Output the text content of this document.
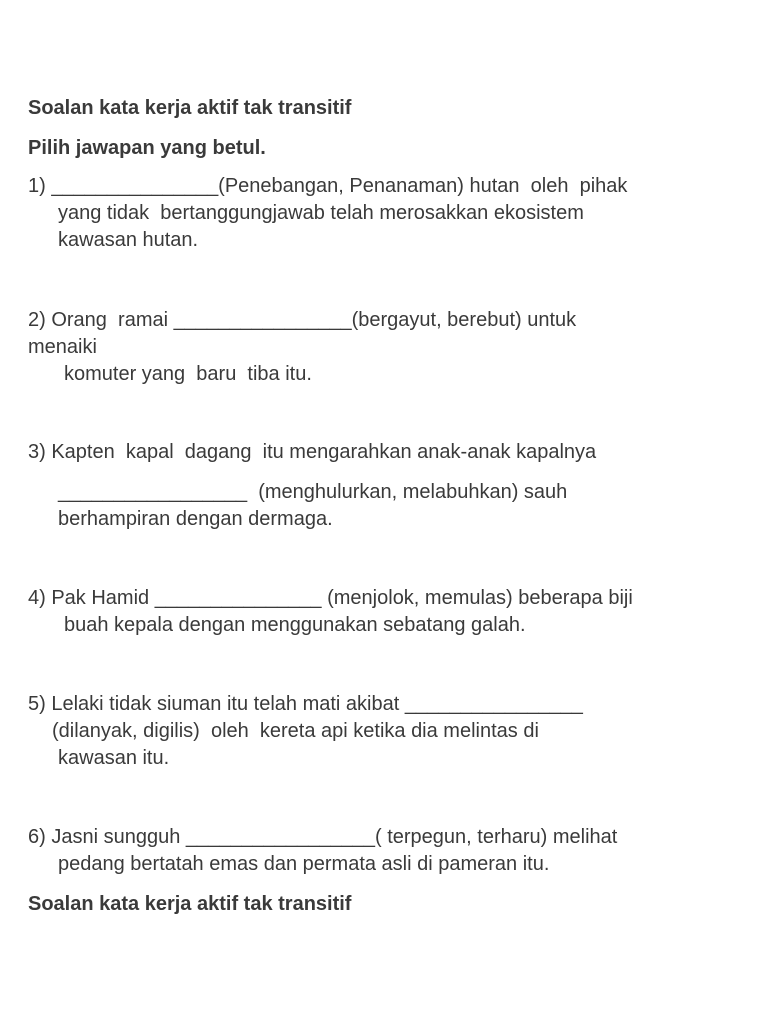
Soalan kata kerja aktif tak transitif
Pilih jawapan yang betul.
1) _______________(Penebangan, Penanaman) hutan  oleh  pihak
yang tidak  bertanggungjawab telah merosakkan ekosistem
kawasan hutan.
2) Orang  ramai ________________(bergayut, berebut) untuk
menaiki
komuter yang  baru  tiba itu.
3) Kapten  kapal  dagang  itu mengarahkan anak-anak kapalnya
_________________  (menghulurkan, melabuhkan) sauh
berhampiran dengan dermaga.
4) Pak Hamid _______________ (menjolok, memulas) beberapa biji
buah kepala dengan menggunakan sebatang galah.
5) Lelaki tidak siuman itu telah mati akibat ________________
(dilanyak, digilis)  oleh  kereta api ketika dia melintas di
kawasan itu.
6) Jasni sungguh _________________( terpegun, terharu) melihat
pedang bertatah emas dan permata asli di pameran itu.
Soalan kata kerja aktif tak transitif
